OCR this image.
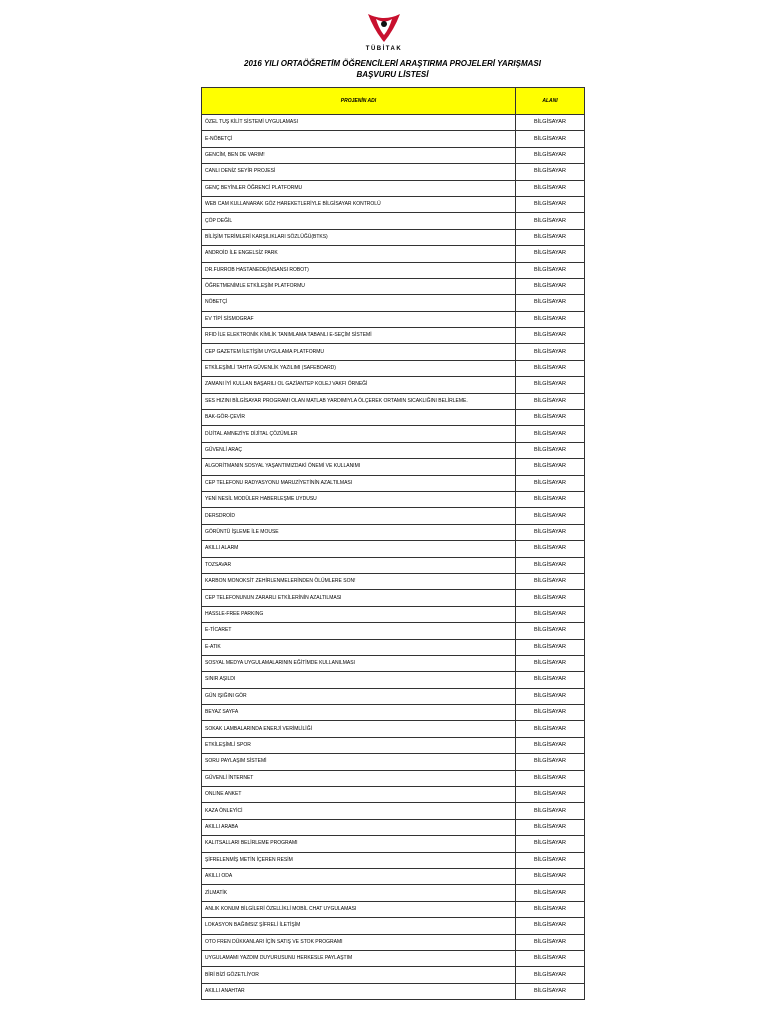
TÜBİTAK
2016 YILI ORTAÖĞRETİM ÖĞRENCİLERİ ARAŞTIRMA PROJELERİ YARIŞMASI
BAŞVURU LİSTESİ
PROJENİN ADI	ALANI
ÖZEL TUŞ KİLİT SİSTEMİ UYGULAMASI	BİLGİSAYAR
E-NÖBETÇİ	BİLGİSAYAR
GENCİM, BEN DE VARIM!	BİLGİSAYAR
CANLI DENİZ SEYİR PROJESİ	BİLGİSAYAR
GENÇ BEYİNLER ÖĞRENCİ PLATFORMU	BİLGİSAYAR
WEB CAM KULLANARAK GÖZ HAREKETLERİYLE BİLGİSAYAR KONTROLÜ	BİLGİSAYAR
ÇÖP DEĞİL	BİLGİSAYAR
BİLİŞİM TERİMLERİ KARŞILIKLARI SÖZLÜĞÜ(BTKS)	BİLGİSAYAR
ANDROİD İLE ENGELSİZ PARK	BİLGİSAYAR
DR.FURROB HASTANEDE(İNSANSI ROBOT)	BİLGİSAYAR
ÖĞRETMENİMLE ETKİLEŞİM PLATFORMU	BİLGİSAYAR
NÖBETÇİ	BİLGİSAYAR
EV TİPİ SİSMOGRAF	BİLGİSAYAR
RFID İLE ELEKTRONİK KİMLİK TANIMLAMA TABANLI E-SEÇİM SİSTEMİ	BİLGİSAYAR
CEP GAZETEM İLETİŞİM UYGULAMA PLATFORMU	BİLGİSAYAR
ETKİLEŞİMLİ TAHTA GÜVENLİK YAZILIMI (SAFEBOARD)	BİLGİSAYAR
ZAMANI İYİ KULLAN BAŞARILI OL GAZİANTEP KOLEJ VAKFI ÖRNEĞİ	BİLGİSAYAR
SES HIZINI BİLGİSAYAR PROGRAMI OLAN MATLAB YARDIMIYLA ÖLÇEREK ORTAMIN SICAKLIĞINI BELİRLEME.	BİLGİSAYAR
BAK-GÖR-ÇEVİR	BİLGİSAYAR
DİJİTAL AMNEZİYE DİJİTAL ÇÖZÜMLER	BİLGİSAYAR
GÜVENLİ ARAÇ	BİLGİSAYAR
ALGORİTMANIN SOSYAL YAŞANTIMIZDAKİ ÖNEMİ VE KULLANIMI	BİLGİSAYAR
CEP TELEFONU RADYASYONU MARUZİYETİNİN AZALTILMASI	BİLGİSAYAR
YENİ NESİL MODÜLER HABERLEŞME UYDUSU	BİLGİSAYAR
DERSDROİD	BİLGİSAYAR
GÖRÜNTÜ İŞLEME İLE MOUSE	BİLGİSAYAR
AKILLI ALARM	BİLGİSAYAR
TOZSAVAR	BİLGİSAYAR
KARBON MONOKSİT ZEHİRLENMELERİNDEN ÖLÜMLERE SON!	BİLGİSAYAR
CEP TELEFONUNUN ZARARLI ETKİLERİNİN AZALTILMASI	BİLGİSAYAR
HASSLE-FREE PARKING	BİLGİSAYAR
E-TİCARET	BİLGİSAYAR
E-ATIK	BİLGİSAYAR
SOSYAL MEDYA UYGULAMALARININ EĞİTİMDE KULLANILMASI	BİLGİSAYAR
SINIR AŞILDI	BİLGİSAYAR
GÜN IŞIĞINI GÖR	BİLGİSAYAR
BEYAZ SAYFA	BİLGİSAYAR
SOKAK LAMBALARINDA ENERJİ VERİMLİLİĞİ	BİLGİSAYAR
ETKİLEŞİMLİ SPOR	BİLGİSAYAR
SORU PAYLAŞIM SİSTEMİ	BİLGİSAYAR
GÜVENLİ İNTERNET	BİLGİSAYAR
ONLINE ANKET	BİLGİSAYAR
KAZA ÖNLEYİCİ	BİLGİSAYAR
AKILLI ARABA	BİLGİSAYAR
KALITSALLARI BELİRLEME PROGRAMI	BİLGİSAYAR
ŞİFRELENMİŞ METİN İÇEREN RESİM	BİLGİSAYAR
AKILLI ODA	BİLGİSAYAR
ZİLMATİK	BİLGİSAYAR
ANLIK KONUM BİLGİLERİ ÖZELLİKLİ MOBİL CHAT UYGULAMASI	BİLGİSAYAR
LOKASYON BAĞIMSIZ ŞİFRELİ İLETİŞİM	BİLGİSAYAR
OTO FREN DÜKKANLARI İÇİN SATIŞ VE STOK PROGRAMI	BİLGİSAYAR
UYGULAMAMI YAZDIM DUYURUSUNU HERKESLE PAYLAŞTIM	BİLGİSAYAR
BİRİ BİZİ GÖZETLİYOR	BİLGİSAYAR
AKILLI ANAHTAR	BİLGİSAYAR
